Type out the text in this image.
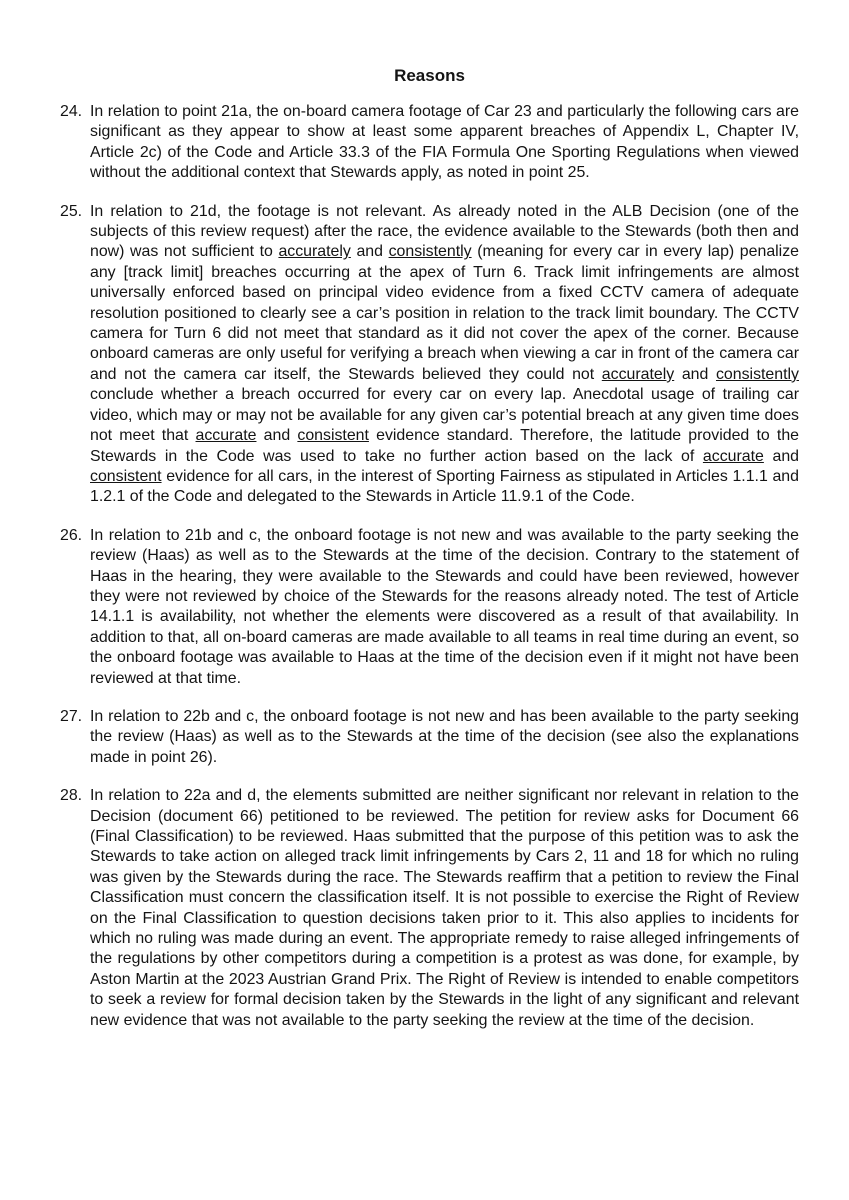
Reasons
24. In relation to point 21a, the on-board camera footage of Car 23 and particularly the following cars are significant as they appear to show at least some apparent breaches of Appendix L, Chapter IV, Article 2c) of the Code and Article 33.3 of the FIA Formula One Sporting Regulations when viewed without the additional context that Stewards apply, as noted in point 25.
25. In relation to 21d, the footage is not relevant. As already noted in the ALB Decision (one of the subjects of this review request) after the race, the evidence available to the Stewards (both then and now) was not sufficient to accurately and consistently (meaning for every car in every lap) penalize any [track limit] breaches occurring at the apex of Turn 6. Track limit infringements are almost universally enforced based on principal video evidence from a fixed CCTV camera of adequate resolution positioned to clearly see a car’s position in relation to the track limit boundary. The CCTV camera for Turn 6 did not meet that standard as it did not cover the apex of the corner. Because onboard cameras are only useful for verifying a breach when viewing a car in front of the camera car and not the camera car itself, the Stewards believed they could not accurately and consistently conclude whether a breach occurred for every car on every lap. Anecdotal usage of trailing car video, which may or may not be available for any given car’s potential breach at any given time does not meet that accurate and consistent evidence standard. Therefore, the latitude provided to the Stewards in the Code was used to take no further action based on the lack of accurate and consistent evidence for all cars, in the interest of Sporting Fairness as stipulated in Articles 1.1.1 and 1.2.1 of the Code and delegated to the Stewards in Article 11.9.1 of the Code.
26. In relation to 21b and c, the onboard footage is not new and was available to the party seeking the review (Haas) as well as to the Stewards at the time of the decision. Contrary to the statement of Haas in the hearing, they were available to the Stewards and could have been reviewed, however they were not reviewed by choice of the Stewards for the reasons already noted. The test of Article 14.1.1 is availability, not whether the elements were discovered as a result of that availability. In addition to that, all on-board cameras are made available to all teams in real time during an event, so the onboard footage was available to Haas at the time of the decision even if it might not have been reviewed at that time.
27. In relation to 22b and c, the onboard footage is not new and has been available to the party seeking the review (Haas) as well as to the Stewards at the time of the decision (see also the explanations made in point 26).
28. In relation to 22a and d, the elements submitted are neither significant nor relevant in relation to the Decision (document 66) petitioned to be reviewed. The petition for review asks for Document 66 (Final Classification) to be reviewed. Haas submitted that the purpose of this petition was to ask the Stewards to take action on alleged track limit infringements by Cars 2, 11 and 18 for which no ruling was given by the Stewards during the race. The Stewards reaffirm that a petition to review the Final Classification must concern the classification itself. It is not possible to exercise the Right of Review on the Final Classification to question decisions taken prior to it. This also applies to incidents for which no ruling was made during an event. The appropriate remedy to raise alleged infringements of the regulations by other competitors during a competition is a protest as was done, for example, by Aston Martin at the 2023 Austrian Grand Prix. The Right of Review is intended to enable competitors to seek a review for formal decision taken by the Stewards in the light of any significant and relevant new evidence that was not available to the party seeking the review at the time of the decision.
